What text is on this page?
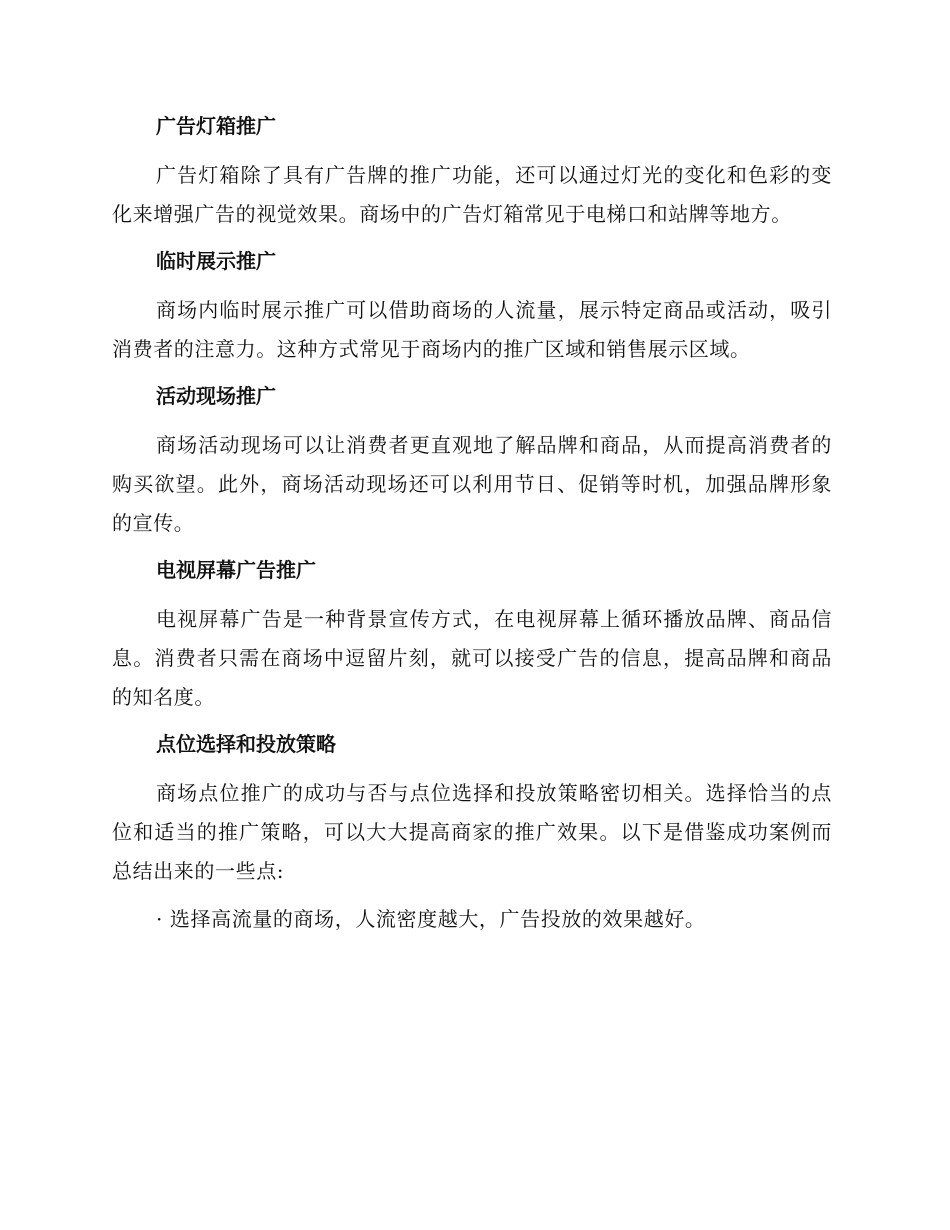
广告灯箱推广

广告灯箱除了具有广告牌的推广功能，还可以通过灯光的变化和色彩的变化来增强广告的视觉效果。商场中的广告灯箱常见于电梯口和站牌等地方。

临时展示推广

商场内临时展示推广可以借助商场的人流量，展示特定商品或活动，吸引消费者的注意力。这种方式常见于商场内的推广区域和销售展示区域。

活动现场推广

商场活动现场可以让消费者更直观地了解品牌和商品，从而提高消费者的购买欲望。此外，商场活动现场还可以利用节日、促销等时机，加强品牌形象的宣传。

电视屏幕广告推广

电视屏幕广告是一种背景宣传方式，在电视屏幕上循环播放品牌、商品信息。消费者只需在商场中逗留片刻，就可以接受广告的信息，提高品牌和商品的知名度。

点位选择和投放策略

商场点位推广的成功与否与点位选择和投放策略密切相关。选择恰当的点位和适当的推广策略，可以大大提高商家的推广效果。以下是借鉴成功案例而总结出来的一些点:

· 选择高流量的商场，人流密度越大，广告投放的效果越好。
